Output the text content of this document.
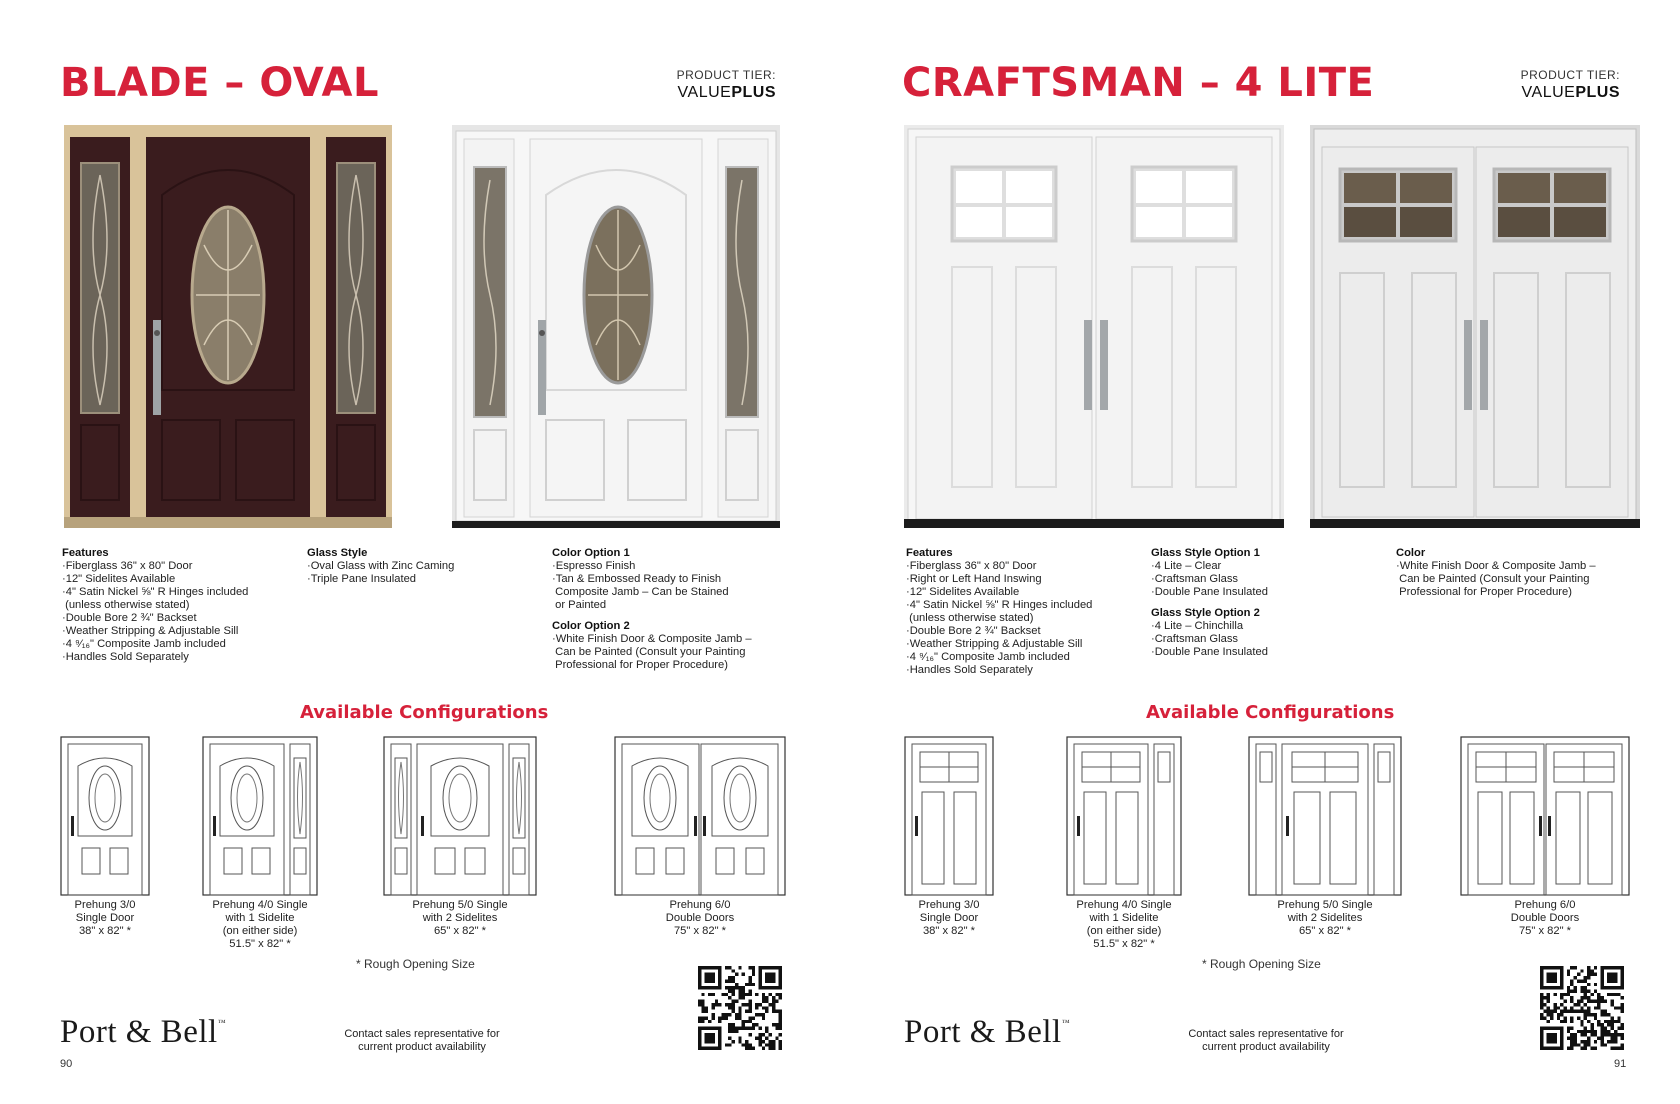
BLADE – OVAL	PRODUCT TIER:
VALUEPLUS
Features
·Fiberglass 36" x 80" Door
·12" Sidelites Available
·4" Satin Nickel ⅝" R Hinges included
(unless otherwise stated)
·Double Bore 2 ¾" Backset
·Weather Stripping & Adjustable Sill
·4 ⁹⁄₁₆" Composite Jamb included
·Handles Sold Separately
Glass Style
·Oval Glass with Zinc Caming
·Triple Pane Insulated
Color Option 1
·Espresso Finish
·Tan & Embossed Ready to Finish
Composite Jamb – Can be Stained
or Painted
Color Option 2
·White Finish Door & Composite Jamb –
Can be Painted (Consult your Painting
Professional for Proper Procedure)
Available Configurations
Prehung 3/0
Single Door
38" x 82" *
Prehung 4/0 Single
with 1 Sidelite
(on either side)
51.5" x 82" *
Prehung 5/0 Single
with 2 Sidelites
65" x 82" *
Prehung 6/0
Double Doors
75" x 82" *
* Rough Opening Size
Port & Bell™
Contact sales representative for
current product availability
90
CRAFTSMAN – 4 LITE	PRODUCT TIER:
VALUEPLUS
Features
·Fiberglass 36" x 80" Door
·Right or Left Hand Inswing
·12" Sidelites Available
·4" Satin Nickel ⅝" R Hinges included
(unless otherwise stated)
·Double Bore 2 ¾" Backset
·Weather Stripping & Adjustable Sill
·4 ⁹⁄₁₆" Composite Jamb included
·Handles Sold Separately
Glass Style Option 1
·4 Lite – Clear
·Craftsman Glass
·Double Pane Insulated
Glass Style Option 2
·4 Lite – Chinchilla
·Craftsman Glass
·Double Pane Insulated
Color
·White Finish Door & Composite Jamb –
Can be Painted (Consult your Painting
Professional for Proper Procedure)
Available Configurations
Prehung 3/0
Single Door
38" x 82" *
Prehung 4/0 Single
with 1 Sidelite
(on either side)
51.5" x 82" *
Prehung 5/0 Single
with 2 Sidelites
65" x 82" *
Prehung 6/0
Double Doors
75" x 82" *
* Rough Opening Size
Port & Bell™
Contact sales representative for
current product availability
91
